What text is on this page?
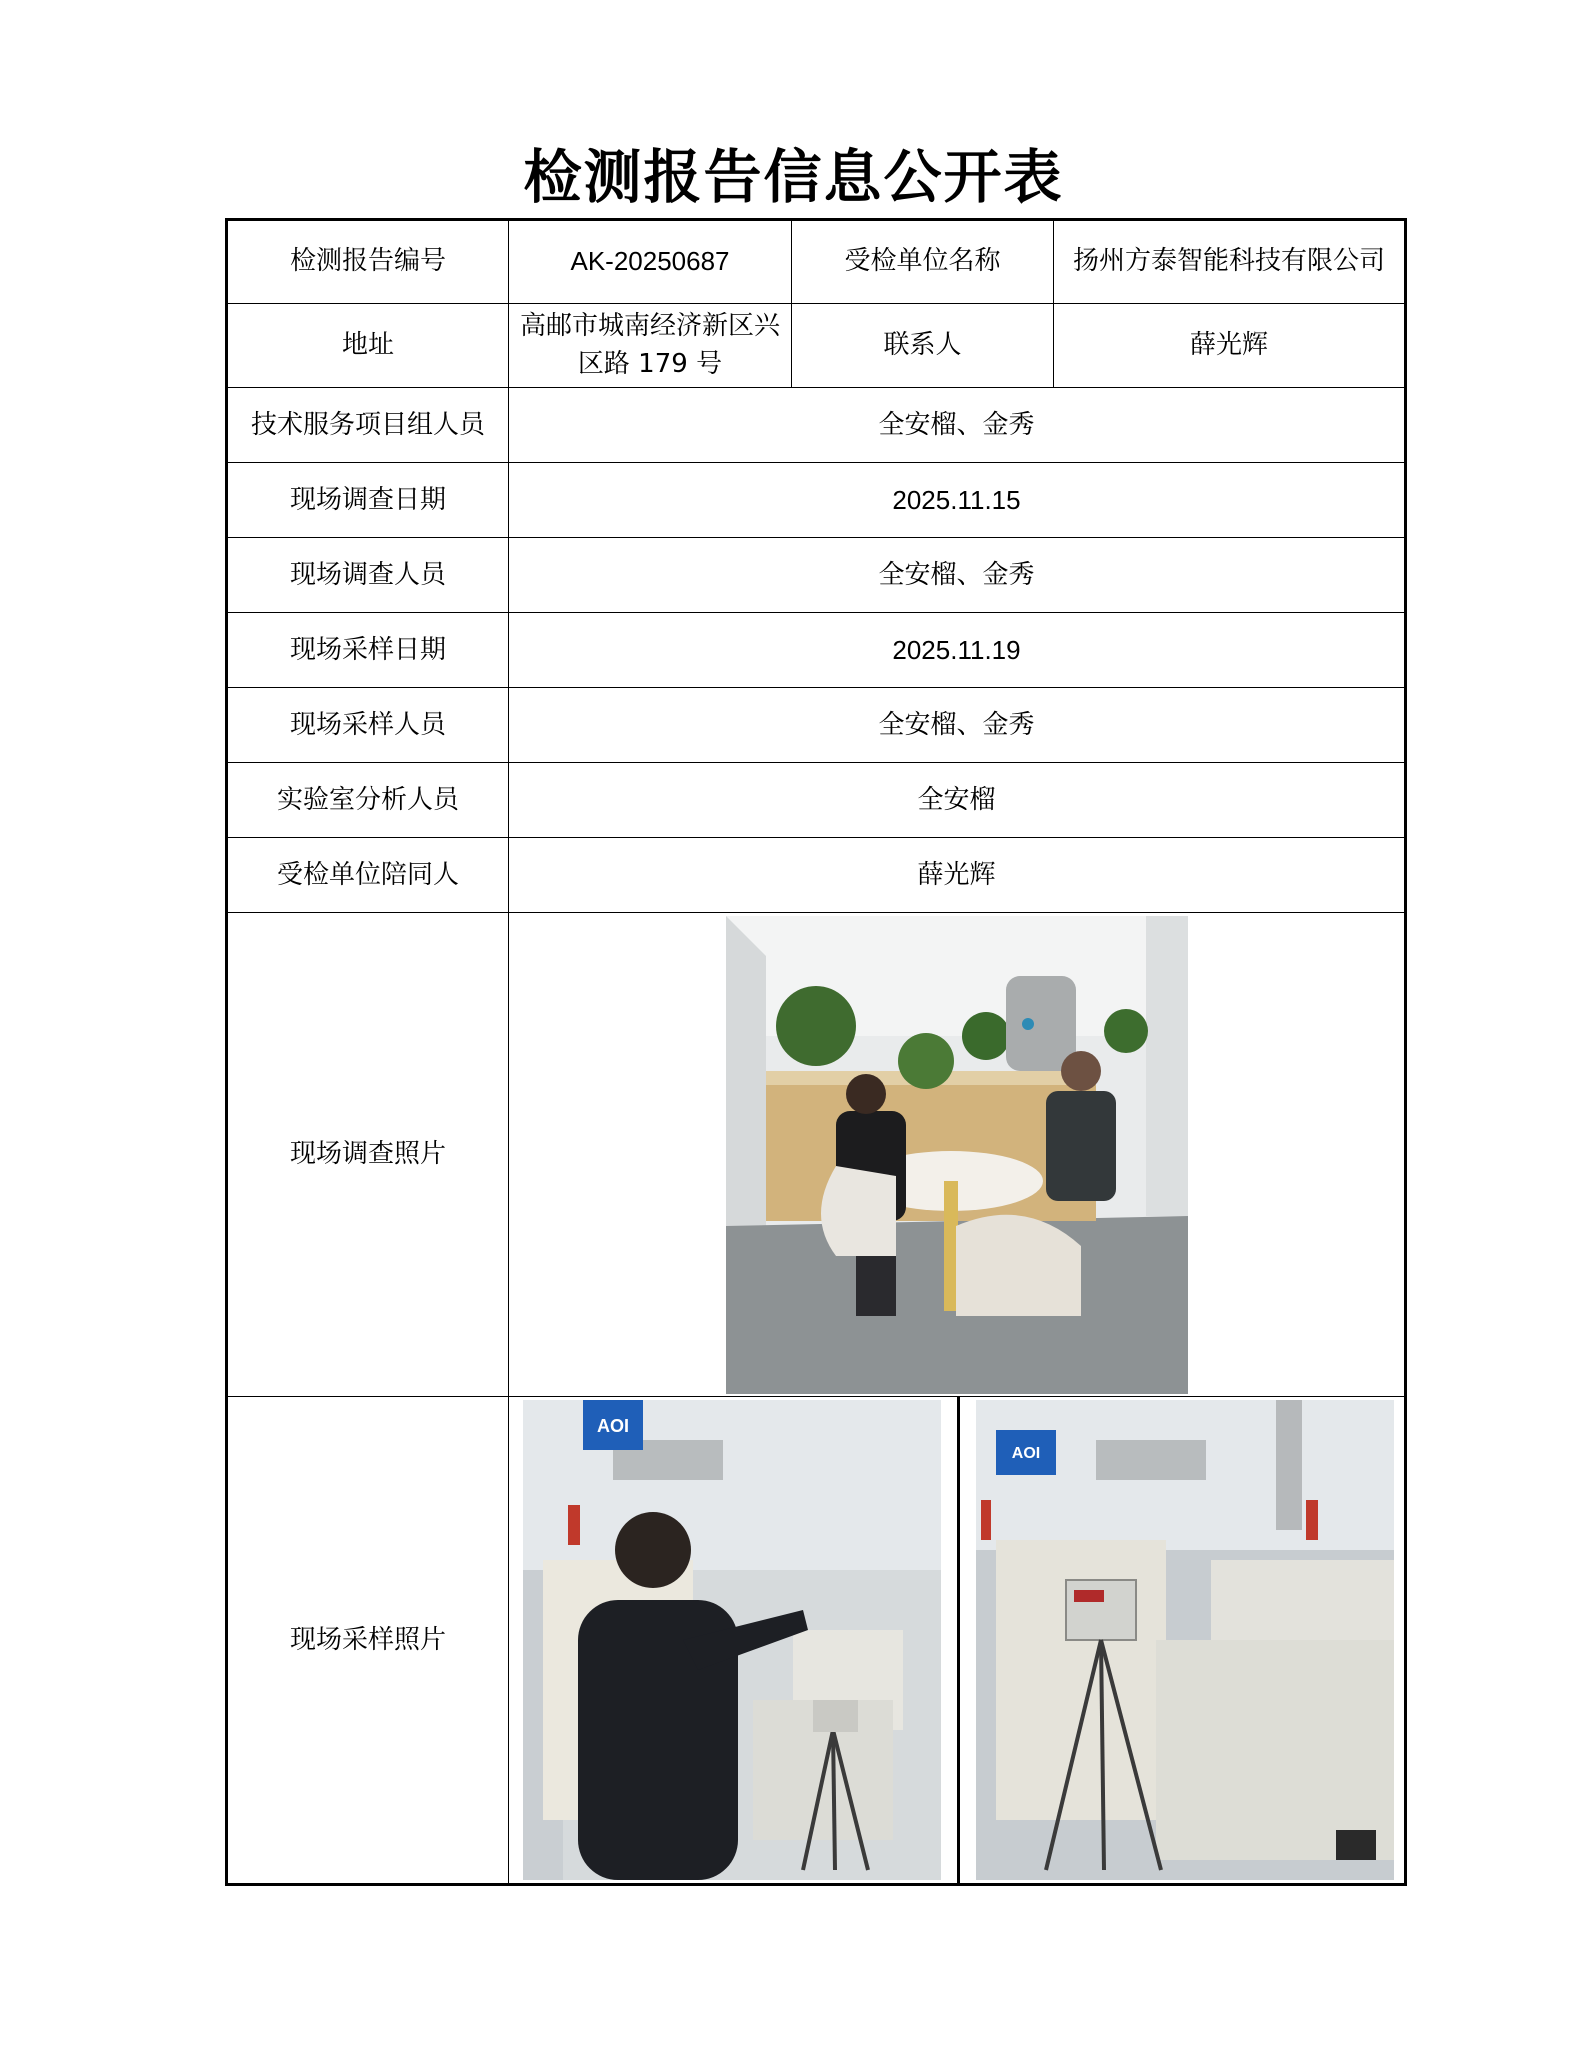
检测报告信息公开表
检测报告编号	AK-20250687	受检单位名称	扬州方泰智能科技有限公司
地址	高邮市城南经济新区兴区路 179 号	联系人	薛光辉
技术服务项目组人员	全安榴、金秀		
现场调查日期	2025.11.15		
现场调查人员	全安榴、金秀		
现场采样日期	2025.11.19		
现场采样人员	全安榴、金秀		
实验室分析人员	全安榴		
受检单位陪同人	薛光辉		
现场调查照片	

现场采样照片	AOI
AOI		
